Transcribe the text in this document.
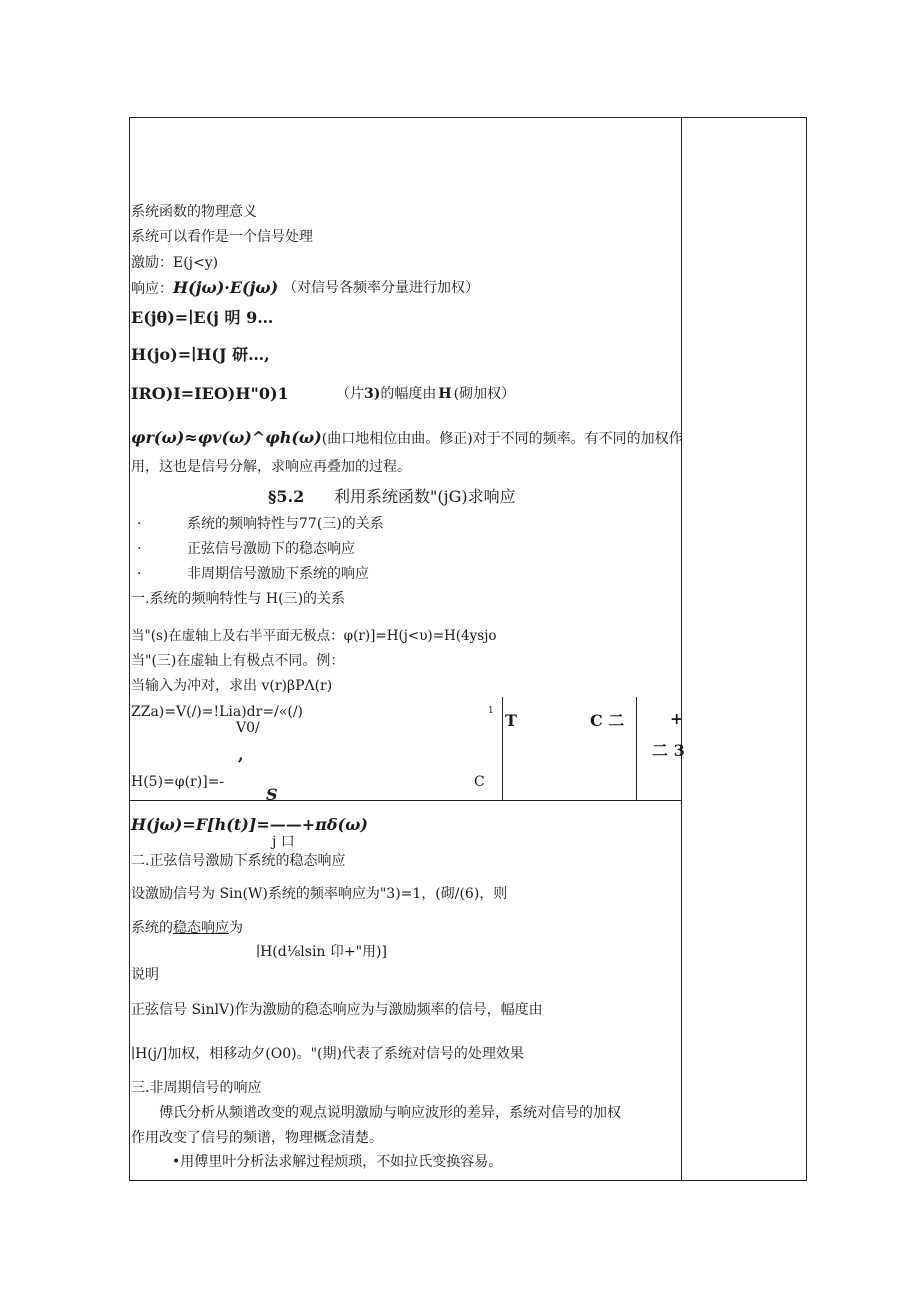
系统函数的物理意义
系统可以看作是一个信号处理
激励：E(j<y)
响应：H(jω)·E(jω) （对信号各频率分量进行加权）
E(jθ)=∣E(j 明 9…
H(jo)=∣H(J 研…,
IRO)I=IEO)H"0)1	（片3)的幅度由 H (砌加权）
φr(ω)≈φv(ω)^φh(ω)(曲口地相位由曲。修正)对于不同的频率。有不同的加权作
用，这也是信号分解，求响应再叠加的过程。
§5.2 利用系统函数"(jG)求响应
·	系统的频响特性与77(三)的关系
·	正弦信号激励下的稳态响应
·	非周期信号激励下系统的响应
一.系统的频响特性与 H(三)的关系
当"(s)在虚轴上及右半平面无极点：φ(r)]=H(j<υ)=H(4ysjo
当"(三)在虚轴上有极点不同。例：
当输入为冲对，求出 v(r)βPΛ(r)
ZZa)=V(/)=!Lia)dr=/«(/)
V0/
,
H(5)=φ(r)]=-
S
C
1 T	C 二	+
二 3
H(jω)=F[h(t)]=——+πδ(ω)
j 口
二.正弦信号激励下系统的稳态响应
设激励信号为 Sin(W)系统的频率响应为"3)=1，(砌/(6)，则
系统的稳态响应为
∣H(d⅛lsin 卬+"用)]
说明
正弦信号 SinlV)作为激励的稳态响应为与激励频率的信号，幅度由
∣H(j/]加权，相移动夕(O0)。"(期)代表了系统对信号的处理效果
三.非周期信号的响应
傅氏分析从频谱改变的观点说明激励与响应波形的差异，系统对信号的加权
作用改变了信号的频谱，物理概念清楚。
•用傅里叶分析法求解过程烦琐，不如拉氏变换容易。
